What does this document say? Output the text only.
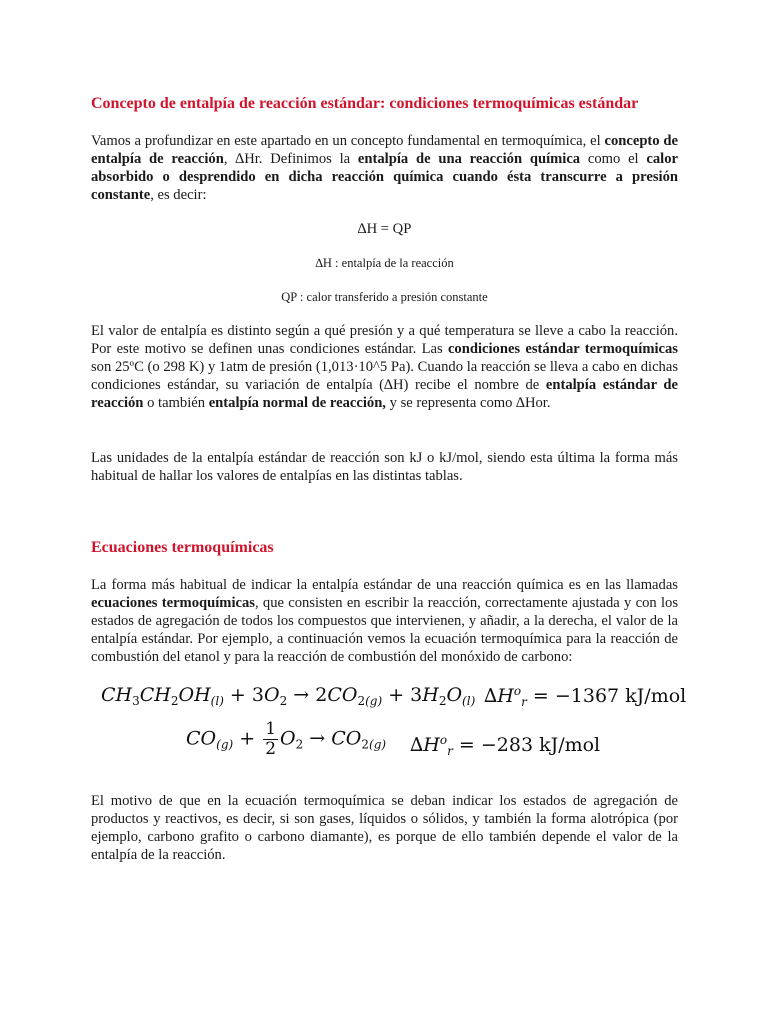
Concepto de entalpía de reacción estándar: condiciones termoquímicas estándar

Vamos a profundizar en este apartado en un concepto fundamental en termoquímica, el concepto de entalpía de reacción, ∆Hr. Definimos la entalpía de una reacción química como el calor absorbido o desprendido en dicha reacción química cuando ésta transcurre a presión constante, es decir:

∆H = QP

∆H : entalpía de la reacción

QP : calor transferido a presión constante

El valor de entalpía es distinto según a qué presión y a qué temperatura se lleve a cabo la reacción. Por este motivo se definen unas condiciones estándar. Las condiciones estándar termoquímicas son 25ºC (o 298 K) y 1atm de presión (1,013·10^5 Pa). Cuando la reacción se lleva a cabo en dichas condiciones estándar, su variación de entalpía (∆H) recibe el nombre de entalpía estándar de reacción o también entalpía normal de reacción, y se representa como ∆Hor.

Las unidades de la entalpía estándar de reacción son kJ o kJ/mol, siendo esta última la forma más habitual de hallar los valores de entalpías en las distintas tablas.

Ecuaciones termoquímicas

La forma más habitual de indicar la entalpía estándar de una reacción química es en las llamadas ecuaciones termoquímicas, que consisten en escribir la reacción, correctamente ajustada y con los estados de agregación de todos los compuestos que intervienen, y añadir, a la derecha, el valor de la entalpía estándar. Por ejemplo, a continuación vemos la ecuación termoquímica para la reacción de combustión del etanol y para la reacción de combustión del monóxido de carbono:

$CH_3CH_2OH_{(l)} + 3O_2 \to 2CO_{2(g)} + 3H_2O_{(l)}$ $\Delta H^o_r = -1367$ kJ/mol
$CO_{(g)} + \frac{1}{2} O_2 \to CO_{2(g)}$ $\Delta H^o_r = -283$ kJ/mol

El motivo de que en la ecuación termoquímica se deban indicar los estados de agregación de productos y reactivos, es decir, si son gases, líquidos o sólidos, y también la forma alotrópica (por ejemplo, carbono grafito o carbono diamante), es porque de ello también depende el valor de la entalpía de la reacción.
